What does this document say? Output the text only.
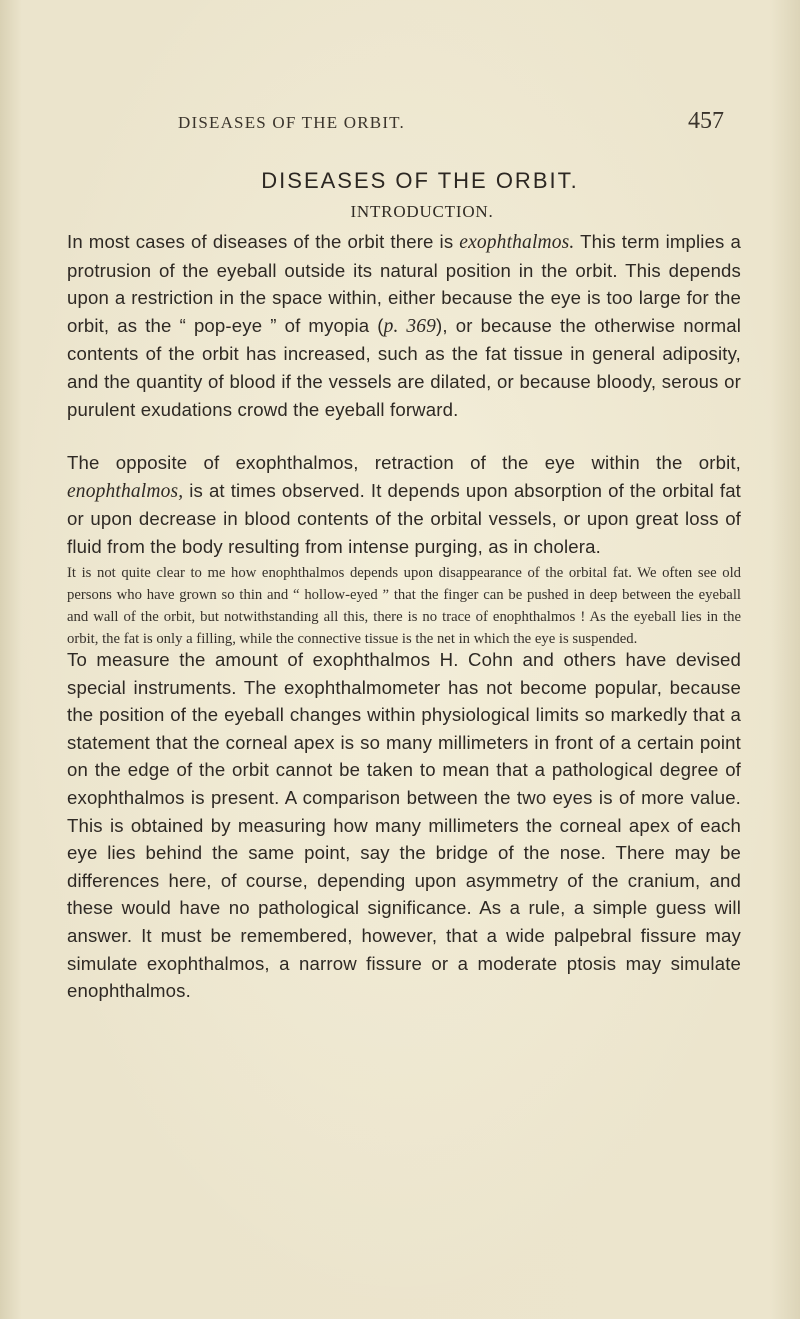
DISEASES OF THE ORBIT.	457
DISEASES OF THE ORBIT.
INTRODUCTION.

In most cases of diseases of the orbit there is exophthalmos. This term implies a protrusion of the eyeball outside its natural position in the orbit. This depends upon a restriction in the space within, either because the eye is too large for the orbit, as the “ pop-eye ” of myopia (p. 369), or because the otherwise normal contents of the orbit has increased, such as the fat tissue in general adiposity, and the quantity of blood if the vessels are dilated, or because bloody, serous or purulent exudations crowd the eyeball forward.

The opposite of exophthalmos, retraction of the eye within the orbit, enophthalmos, is at times observed. It depends upon absorption of the orbital fat or upon decrease in blood contents of the orbital vessels, or upon great loss of fluid from the body resulting from intense purging, as in cholera.

It is not quite clear to me how enophthalmos depends upon disappearance of the orbital fat. We often see old persons who have grown so thin and “ hollow-eyed ” that the finger can be pushed in deep between the eyeball and wall of the orbit, but notwithstanding all this, there is no trace of enophthalmos ! As the eyeball lies in the orbit, the fat is only a filling, while the connective tissue is the net in which the eye is suspended.

To measure the amount of exophthalmos H. Cohn and others have devised special instruments. The exophthalmometer has not become popular, because the position of the eyeball changes within physiological limits so markedly that a statement that the corneal apex is so many millimeters in front of a certain point on the edge of the orbit cannot be taken to mean that a pathological degree of exophthalmos is present. A comparison between the two eyes is of more value. This is obtained by measuring how many millimeters the corneal apex of each eye lies behind the same point, say the bridge of the nose. There may be differences here, of course, depending upon asymmetry of the cranium, and these would have no pathological significance. As a rule, a simple guess will answer. It must be remembered, however, that a wide palpebral fissure may simulate exophthalmos, a narrow fissure or a moderate ptosis may simulate enophthalmos.
